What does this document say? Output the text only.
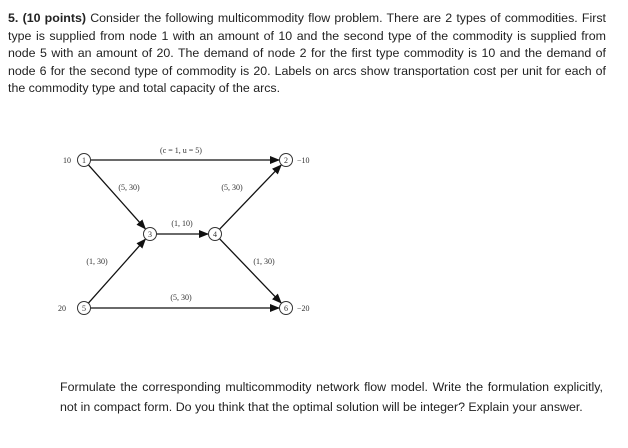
5. (10 points) Consider the following multicommodity flow problem. There are 2 types of commodities. First type is supplied from node 1 with an amount of 10 and the second type of the commodity is supplied from node 5 with an amount of 20. The demand of node 2 for the first type commodity is 10 and the demand of node 6 for the second type of commodity is 20. Labels on arcs show transportation cost per unit for each of the commodity type and total capacity of the arcs.
1	2
3	4
5	6
(c = 1, u = 5)
(5, 30)	(5, 30)
(1, 10)
(1, 30)	(1, 30)
(5, 30)
10	−10
20	−20
Formulate the corresponding multicommodity network flow model. Write the formulation explicitly, not in compact form. Do you think that the optimal solution will be integer? Explain your answer.
